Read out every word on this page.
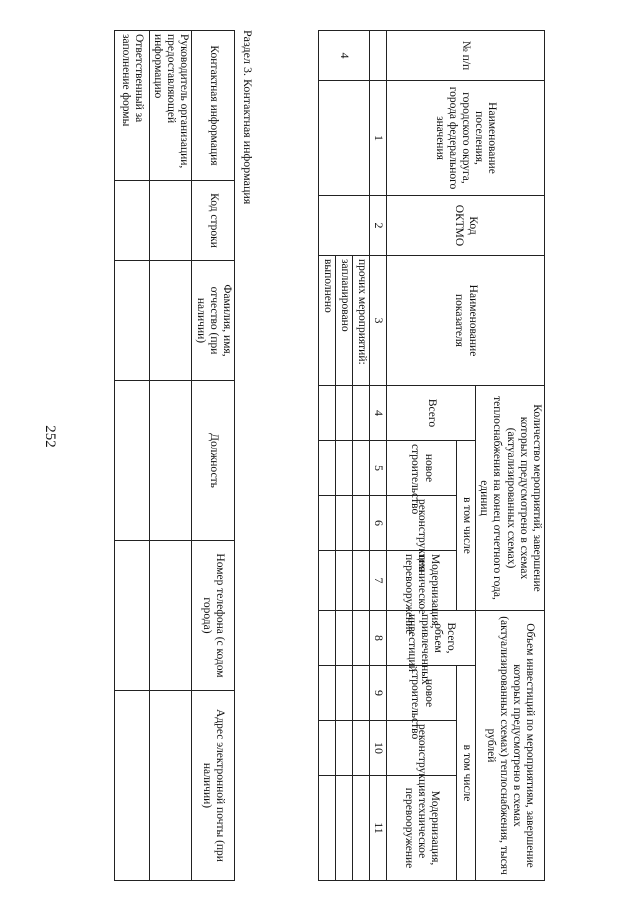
252
№ п/п	Наименование поселения, городского округа, города федерального значения	Код ОКТМО	Наименование показателя	Количество мероприятий, завершение которых предусмотрено в схемах (актуализированных схемах) теплоснабжения на конец отчетного года, единиц				Объем инвестиций по мероприятиям, завершение которых предусмотрено в схемах (актуализированных схемах) теплоснабжения, тысяч рублей			
				Всего	в том числе			Всего, объем привлеченных инвестиций	в том числе		
					новое строительство	реконструкция	Модернизация, техническое перевооружение		новое строительство	реконструкция	Модернизация, техническое перевооружение
	1	2	3	4	5	6	7	8	9	10	11
4			прочих мероприятий:								
			запланировано								
			выполнено								
Раздел 3. Контактная информация
Контактная информация	Код строки	Фамилия, имя, отчество (при наличии)	Должность	Номер телефона (с кодом города)	Адрес электронной почты (при наличии)
Руководитель организации, предоставляющей информацию					
Ответственный за заполнение формы					
